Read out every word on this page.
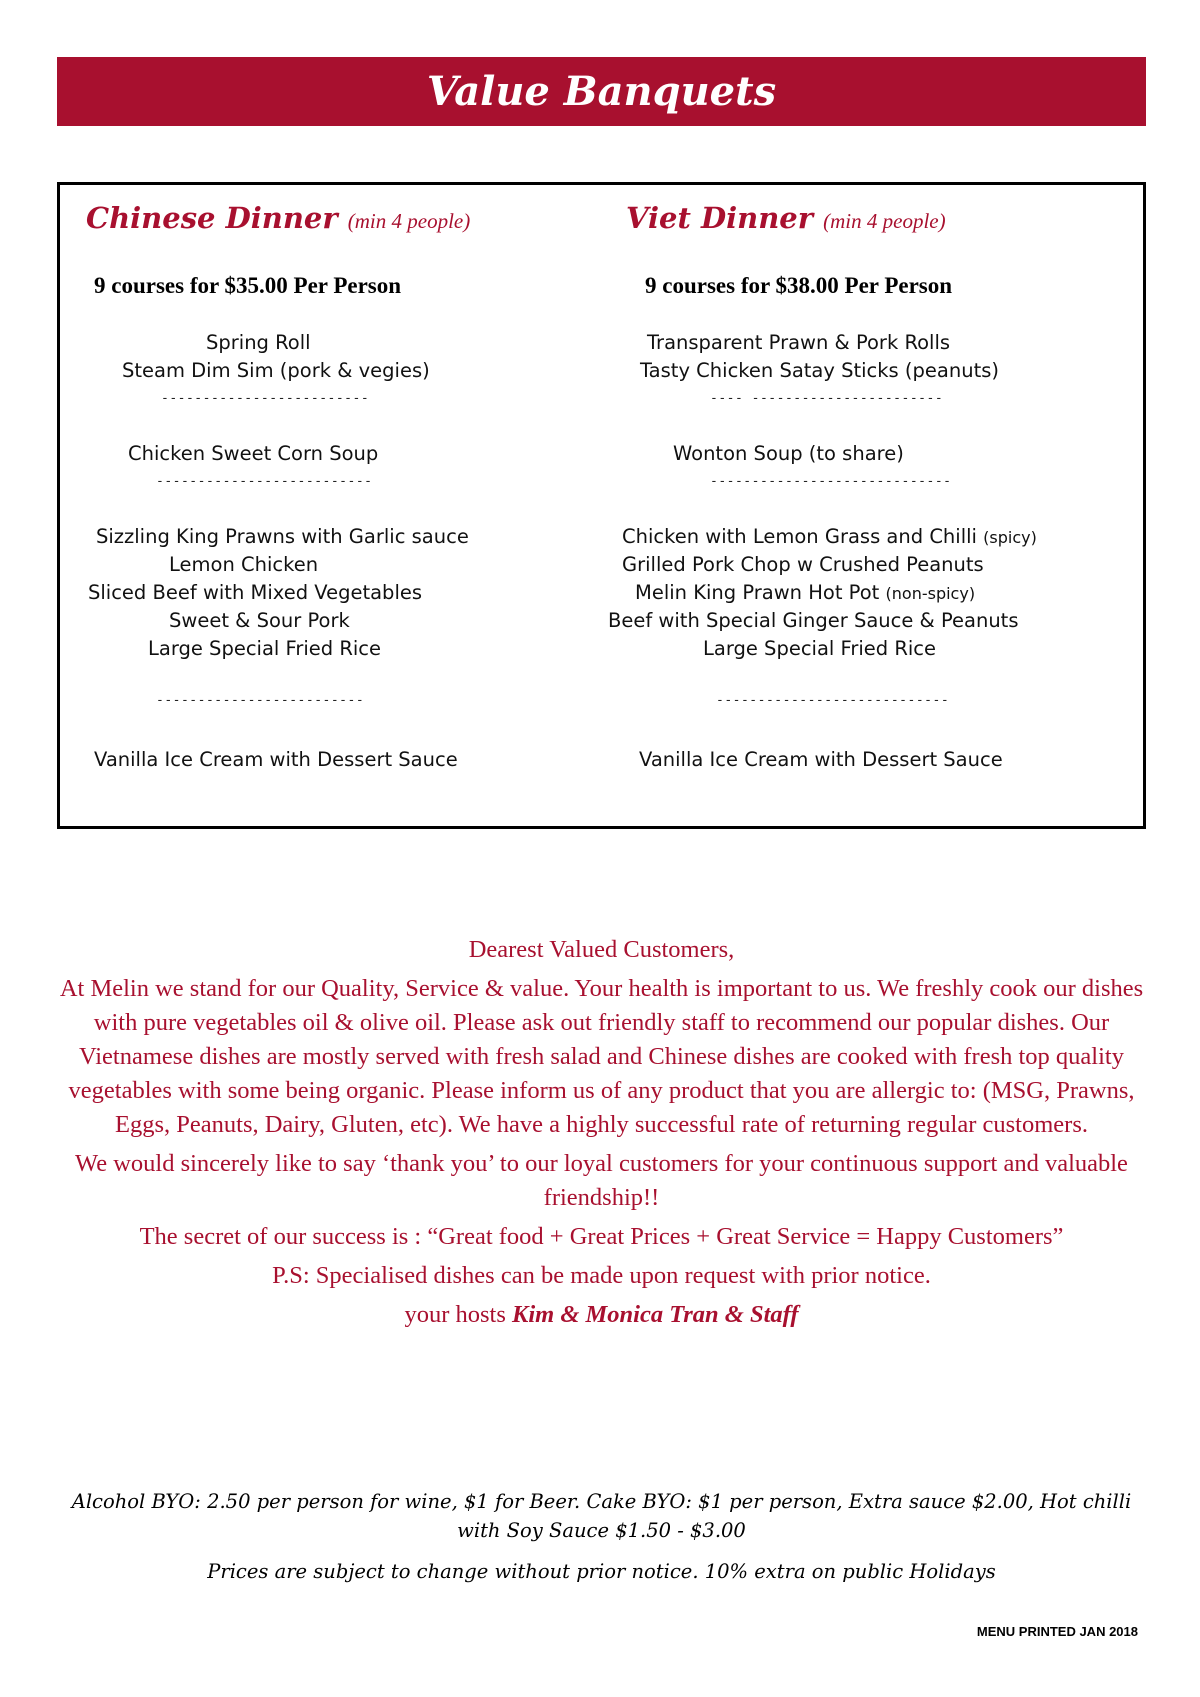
Value Banquets
Chinese Dinner (min 4 people)
9 courses for $35.00 Per Person
Spring Roll
Steam Dim Sim (pork & vegies)
-------------------------
Chicken Sweet Corn Soup
--------------------------
Sizzling King Prawns with Garlic sauce
Lemon Chicken
Sliced Beef with Mixed Vegetables
Sweet & Sour Pork
Large Special Fried Rice
-------------------------
Vanilla Ice Cream with Dessert Sauce
Viet Dinner (min 4 people)
9 courses for $38.00 Per Person
Transparent Prawn & Pork Rolls
Tasty Chicken Satay Sticks (peanuts)
---- -----------------------
Wonton Soup (to share)
-----------------------------
Chicken with Lemon Grass and Chilli (spicy)
Grilled Pork Chop w Crushed Peanuts
Melin King Prawn Hot Pot (non-spicy)
Beef with Special Ginger Sauce & Peanuts
Large Special Fried Rice
----------------------------
Vanilla Ice Cream with Dessert Sauce

Dearest Valued Customers,

At Melin we stand for our Quality, Service & value. Your health is important to us. We freshly cook our dishes with pure vegetables oil & olive oil. Please ask out friendly staff to recommend our popular dishes. Our Vietnamese dishes are mostly served with fresh salad and Chinese dishes are cooked with fresh top quality vegetables with some being organic. Please inform us of any product that you are allergic to: (MSG, Prawns, Eggs, Peanuts, Dairy, Gluten, etc). We have a highly successful rate of returning regular customers.

We would sincerely like to say ‘thank you’ to our loyal customers for your continuous support and valuable friendship!!

The secret of our success is : “Great food + Great Prices + Great Service = Happy Customers”

P.S: Specialised dishes can be made upon request with prior notice.

your hosts Kim & Monica Tran & Staff

Alcohol BYO: 2.50 per person for wine, $1 for Beer. Cake BYO: $1 per person, Extra sauce $2.00, Hot chilli with Soy Sauce $1.50 - $3.00
Prices are subject to change without prior notice. 10% extra on public Holidays
MENU PRINTED JAN 2018
